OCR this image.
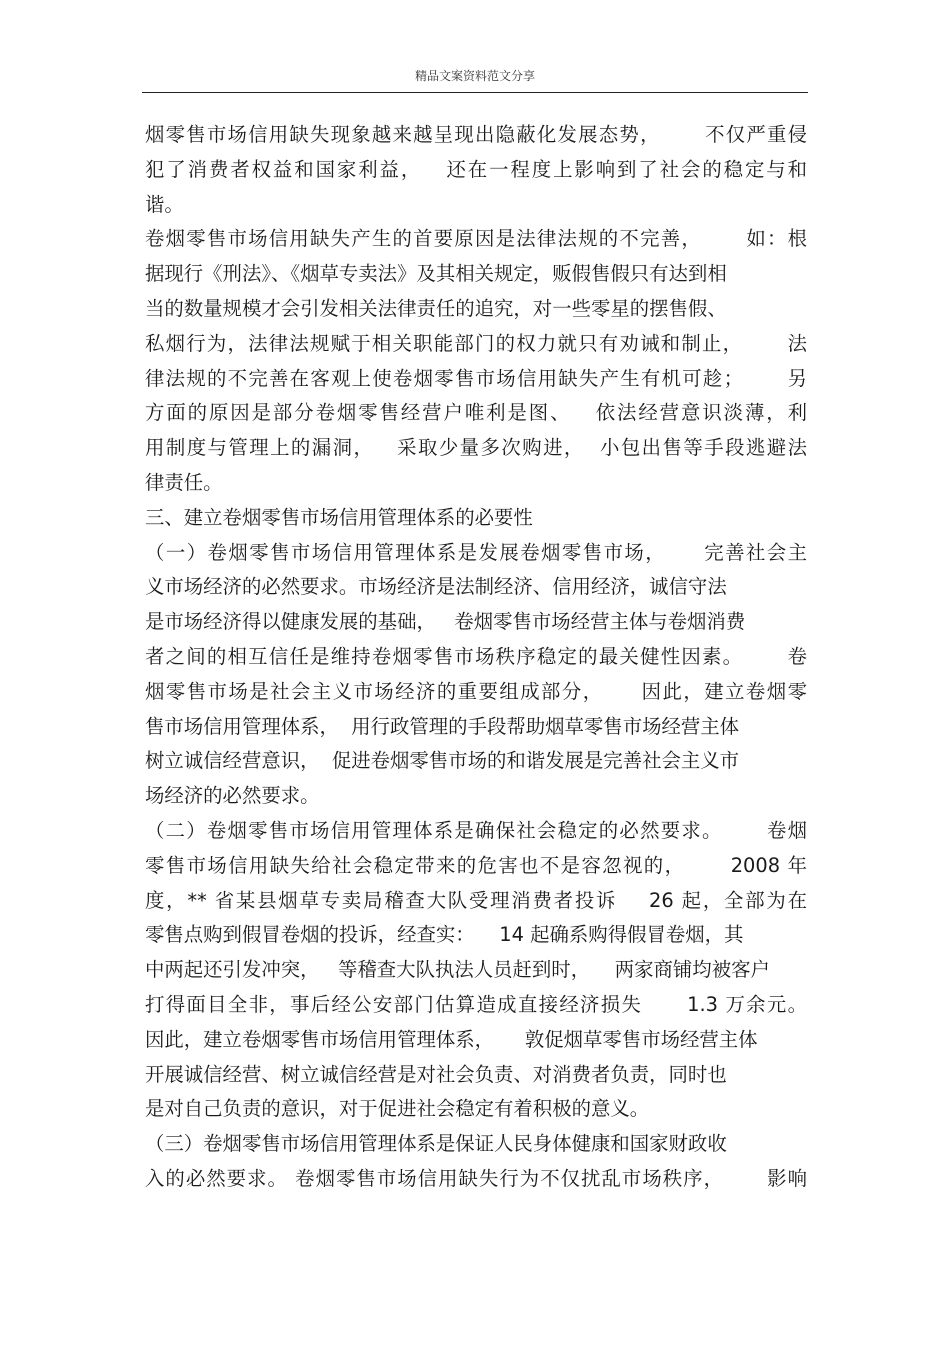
精品文案资料范文分享
烟零售市场信用缺失现象越来越呈现出隐蔽化发展态势，      不仅严重侵
犯了消费者权益和国家利益，   还在一程度上影响到了社会的稳定与和
谐。
卷烟零售市场信用缺失产生的首要原因是法律法规的不完善，      如：根
据现行《刑法》、《烟草专卖法》及其相关规定，贩假售假只有达到相
当的数量规模才会引发相关法律责任的追究，对一些零星的摆售假、
私烟行为，法律法规赋于相关职能部门的权力就只有劝诫和制止，      法
律法规的不完善在客观上使卷烟零售市场信用缺失产生有机可趁；      另
方面的原因是部分卷烟零售经营户唯利是图、   依法经营意识淡薄，利
用制度与管理上的漏洞，   采取少量多次购进，  小包出售等手段逃避法
律责任。
三、建立卷烟零售市场信用管理体系的必要性
（一）卷烟零售市场信用管理体系是发展卷烟零售市场，     完善社会主
义市场经济的必然要求。市场经济是法制经济、信用经济，诚信守法
是市场经济得以健康发展的基础，   卷烟零售市场经营主体与卷烟消费
者之间的相互信任是维持卷烟零售市场秩序稳定的最关健性因素。      卷
烟零售市场是社会主义市场经济的重要组成部分，     因此，建立卷烟零
售市场信用管理体系，  用行政管理的手段帮助烟草零售市场经营主体
树立诚信经营意识，  促进卷烟零售市场的和谐发展是完善社会主义市
场经济的必然要求。
（二）卷烟零售市场信用管理体系是确保社会稳定的必然要求。      卷烟
零售市场信用缺失给社会稳定带来的危害也不是容忽视的，      2008 年
度，** 省某县烟草专卖局稽查大队受理消费者投诉    26 起，全部为在
零售点购到假冒卷烟的投诉，经查实：    14 起确系购得假冒卷烟，其
中两起还引发冲突，   等稽查大队执法人员赶到时，    两家商铺均被客户
打得面目全非，事后经公安部门估算造成直接经济损失      1.3 万余元。
因此，建立卷烟零售市场信用管理体系，     敦促烟草零售市场经营主体
开展诚信经营、树立诚信经营是对社会负责、对消费者负责，同时也
是对自己负责的意识，对于促进社会稳定有着积极的意义。
（三）卷烟零售市场信用管理体系是保证人民身体健康和国家财政收
入的必然要求。 卷烟零售市场信用缺失行为不仅扰乱市场秩序，      影响
